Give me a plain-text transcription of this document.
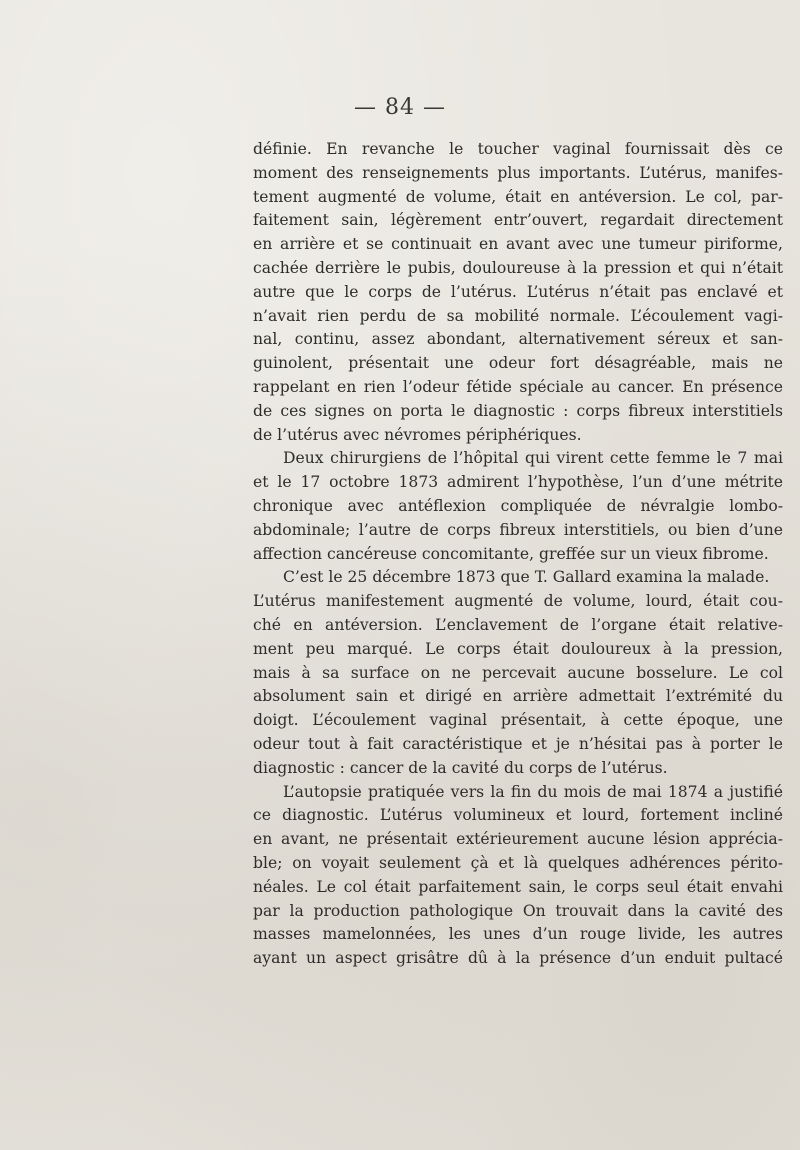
— 84 —
définie. En revanche le toucher vaginal fournissait dès ce
moment des renseignements plus importants. L’utérus, manifes-
tement augmenté de volume, était en antéversion. Le col, par-
faitement sain, légèrement entr’ouvert, regardait directement
en arrière et se continuait en avant avec une tumeur piriforme,
cachée derrière le pubis, douloureuse à la pression et qui n’était
autre que le corps de l’utérus. L’utérus n’était pas enclavé et
n’avait rien perdu de sa mobilité normale. L’écoulement vagi-
nal, continu, assez abondant, alternativement séreux et san-
guinolent, présentait une odeur fort désagréable, mais ne
rappelant en rien l’odeur fétide spéciale au cancer. En présence
de ces signes on porta le diagnostic : corps fibreux interstitiels
de l’utérus avec névromes périphériques.
Deux chirurgiens de l’hôpital qui virent cette femme le 7 mai
et le 17 octobre 1873 admirent l’hypothèse, l’un d’une métrite
chronique avec antéflexion compliquée de névralgie lombo-
abdominale; l’autre de corps fibreux interstitiels, ou bien d’une
affection cancéreuse concomitante, greffée sur un vieux fibrome.
C’est le 25 décembre 1873 que T. Gallard examina la malade.
L’utérus manifestement augmenté de volume, lourd, était cou-
ché en antéversion. L’enclavement de l’organe était relative-
ment peu marqué. Le corps était douloureux à la pression,
mais à sa surface on ne percevait aucune bosselure. Le col
absolument sain et dirigé en arrière admettait l’extrémité du
doigt. L’écoulement vaginal présentait, à cette époque, une
odeur tout à fait caractéristique et je n’hésitai pas à porter le
diagnostic : cancer de la cavité du corps de l’utérus.
L’autopsie pratiquée vers la fin du mois de mai 1874 a justifié
ce diagnostic. L’utérus volumineux et lourd, fortement incliné
en avant, ne présentait extérieurement aucune lésion apprécia-
ble; on voyait seulement çà et là quelques adhérences périto-
néales. Le col était parfaitement sain, le corps seul était envahi
par la production pathologique On trouvait dans la cavité des
masses mamelonnées, les unes d’un rouge livide, les autres
ayant un aspect grisâtre dû à la présence d’un enduit pultacé
